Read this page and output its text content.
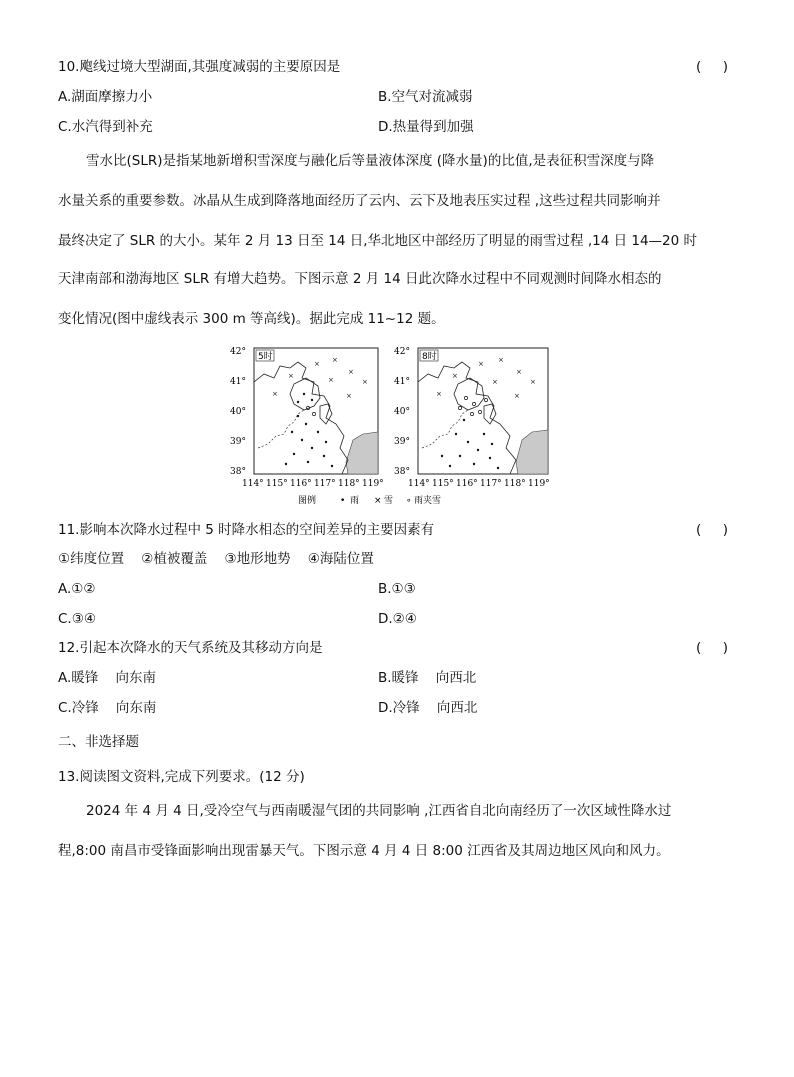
10.飑线过境大型湖面,其强度减弱的主要原因是	(     )
A.湖面摩擦力小	B.空气对流减弱
C.水汽得到补充	D.热量得到加强
雪水比(SLR)是指某地新增积雪深度与融化后等量液体深度 (降水量)的比值,是表征积雪深度与降
水量关系的重要参数。冰晶从生成到降落地面经历了云内、云下及地表压实过程 ,这些过程共同影响并
最终决定了 SLR 的大小。某年 2 月 13 日至 14 日,华北地区中部经历了明显的雨雪过程 ,14 日 14—20 时
天津南部和渤海地区 SLR 有增大趋势。下图示意 2 月 14 日此次降水过程中不同观测时间降水相态的
变化情况(图中虚线表示 300 m 等高线)。据此完成 11~12 题。
42°
41°
40°
39°
38°
42°
41°
40°
39°
38°
5时
×
×
×
×
×	×
×
×
8时
×
×
×
×
×	×
×
×
114° 115° 116° 117° 118° 119°	114° 115° 116° 117° 118° 119°
图例	• 雨 × 雪 ∘ 雨夹雪
11.影响本次降水过程中 5 时降水相态的空间差异的主要因素有	(     )
①纬度位置    ②植被覆盖    ③地形地势    ④海陆位置
A.①②	B.①③
C.③④	D.②④
12.引起本次降水的天气系统及其移动方向是	(     )
A.暖锋    向东南	B.暖锋    向西北
C.冷锋    向东南	D.冷锋    向西北
二、非选择题
13.阅读图文资料,完成下列要求。(12 分)
2024 年 4 月 4 日,受冷空气与西南暖湿气团的共同影响 ,江西省自北向南经历了一次区域性降水过
程,8:00 南昌市受锋面影响出现雷暴天气。下图示意 4 月 4 日 8:00 江西省及其周边地区风向和风力。
